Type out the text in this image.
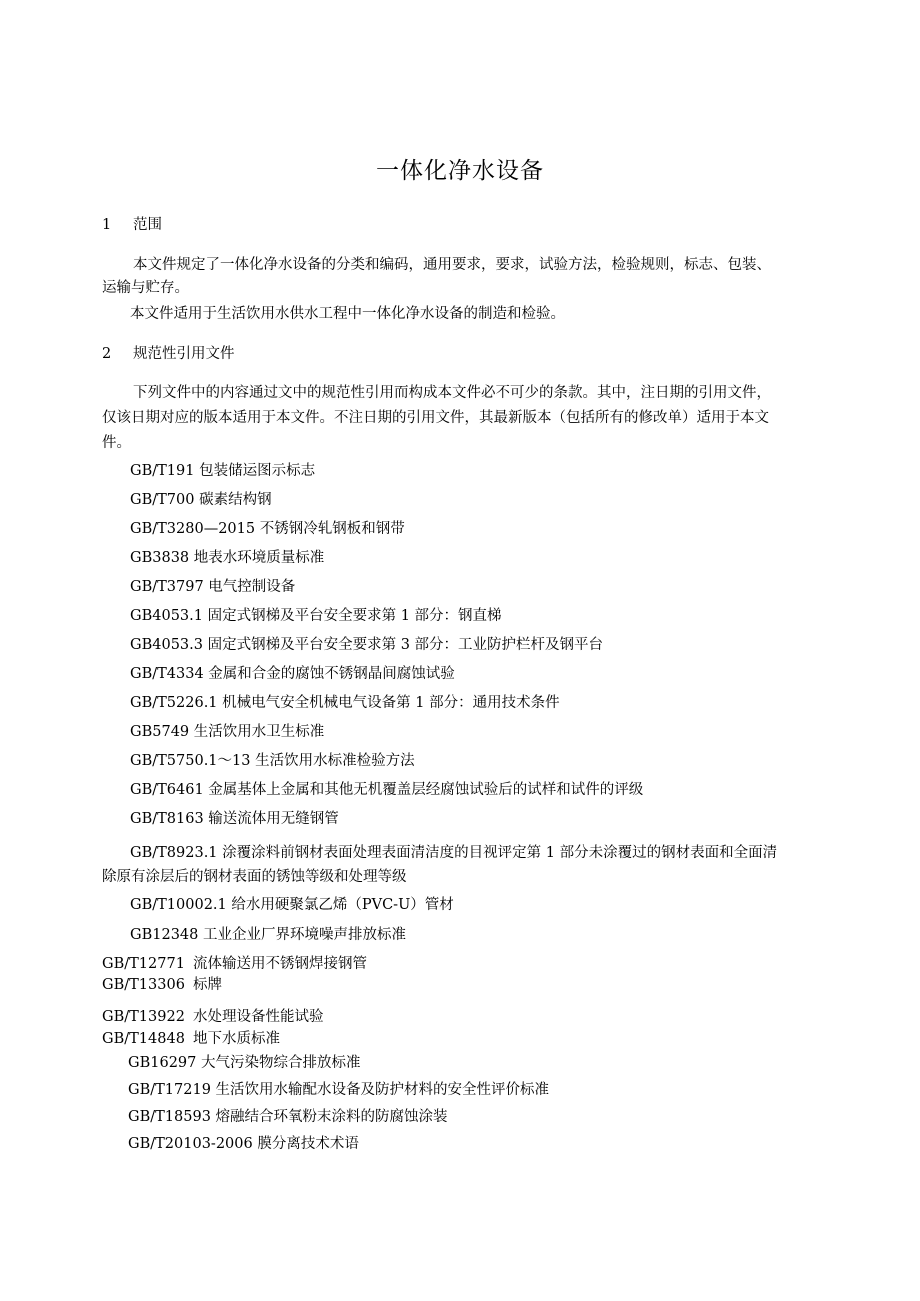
一体化净水设备
1 范围
本文件规定了一体化净水设备的分类和编码，通用要求，要求，试验方法，检验规则，标志、包装、
运输与贮存。
本文件适用于生活饮用水供水工程中一体化净水设备的制造和检验。
2 规范性引用文件
下列文件中的内容通过文中的规范性引用而构成本文件必不可少的条款。其中，注日期的引用文件，
仅该日期对应的版本适用于本文件。不注日期的引用文件，其最新版本（包括所有的修改单）适用于本文
件。
GB/T191 包装储运图示标志
GB/T700 碳素结构钢
GB/T3280—2015 不锈钢冷轧钢板和钢带
GB3838 地表水环境质量标准
GB/T3797 电气控制设备
GB4053.1 固定式钢梯及平台安全要求第 1 部分：钢直梯
GB4053.3 固定式钢梯及平台安全要求第 3 部分：工业防护栏杆及钢平台
GB/T4334 金属和合金的腐蚀不锈钢晶间腐蚀试验
GB/T5226.1 机械电气安全机械电气设备第 1 部分：通用技术条件
GB5749 生活饮用水卫生标准
GB/T5750.1～13 生活饮用水标准检验方法
GB/T6461 金属基体上金属和其他无机覆盖层经腐蚀试验后的试样和试件的评级
GB/T8163 输送流体用无缝钢管
GB/T8923.1 涂覆涂料前钢材表面处理表面清洁度的目视评定第 1 部分未涂覆过的钢材表面和全面清
除原有涂层后的钢材表面的锈蚀等级和处理等级
GB/T10002.1 给水用硬聚氯乙烯（PVC-U）管材
GB12348 工业企业厂界环境噪声排放标准
GB/T12771 流体输送用不锈钢焊接钢管
GB/T13306 标牌
GB/T13922 水处理设备性能试验
GB/T14848 地下水质标准
GB16297 大气污染物综合排放标准
GB/T17219 生活饮用水输配水设备及防护材料的安全性评价标准
GB/T18593 熔融结合环氧粉末涂料的防腐蚀涂装
GB/T20103-2006 膜分离技术术语
